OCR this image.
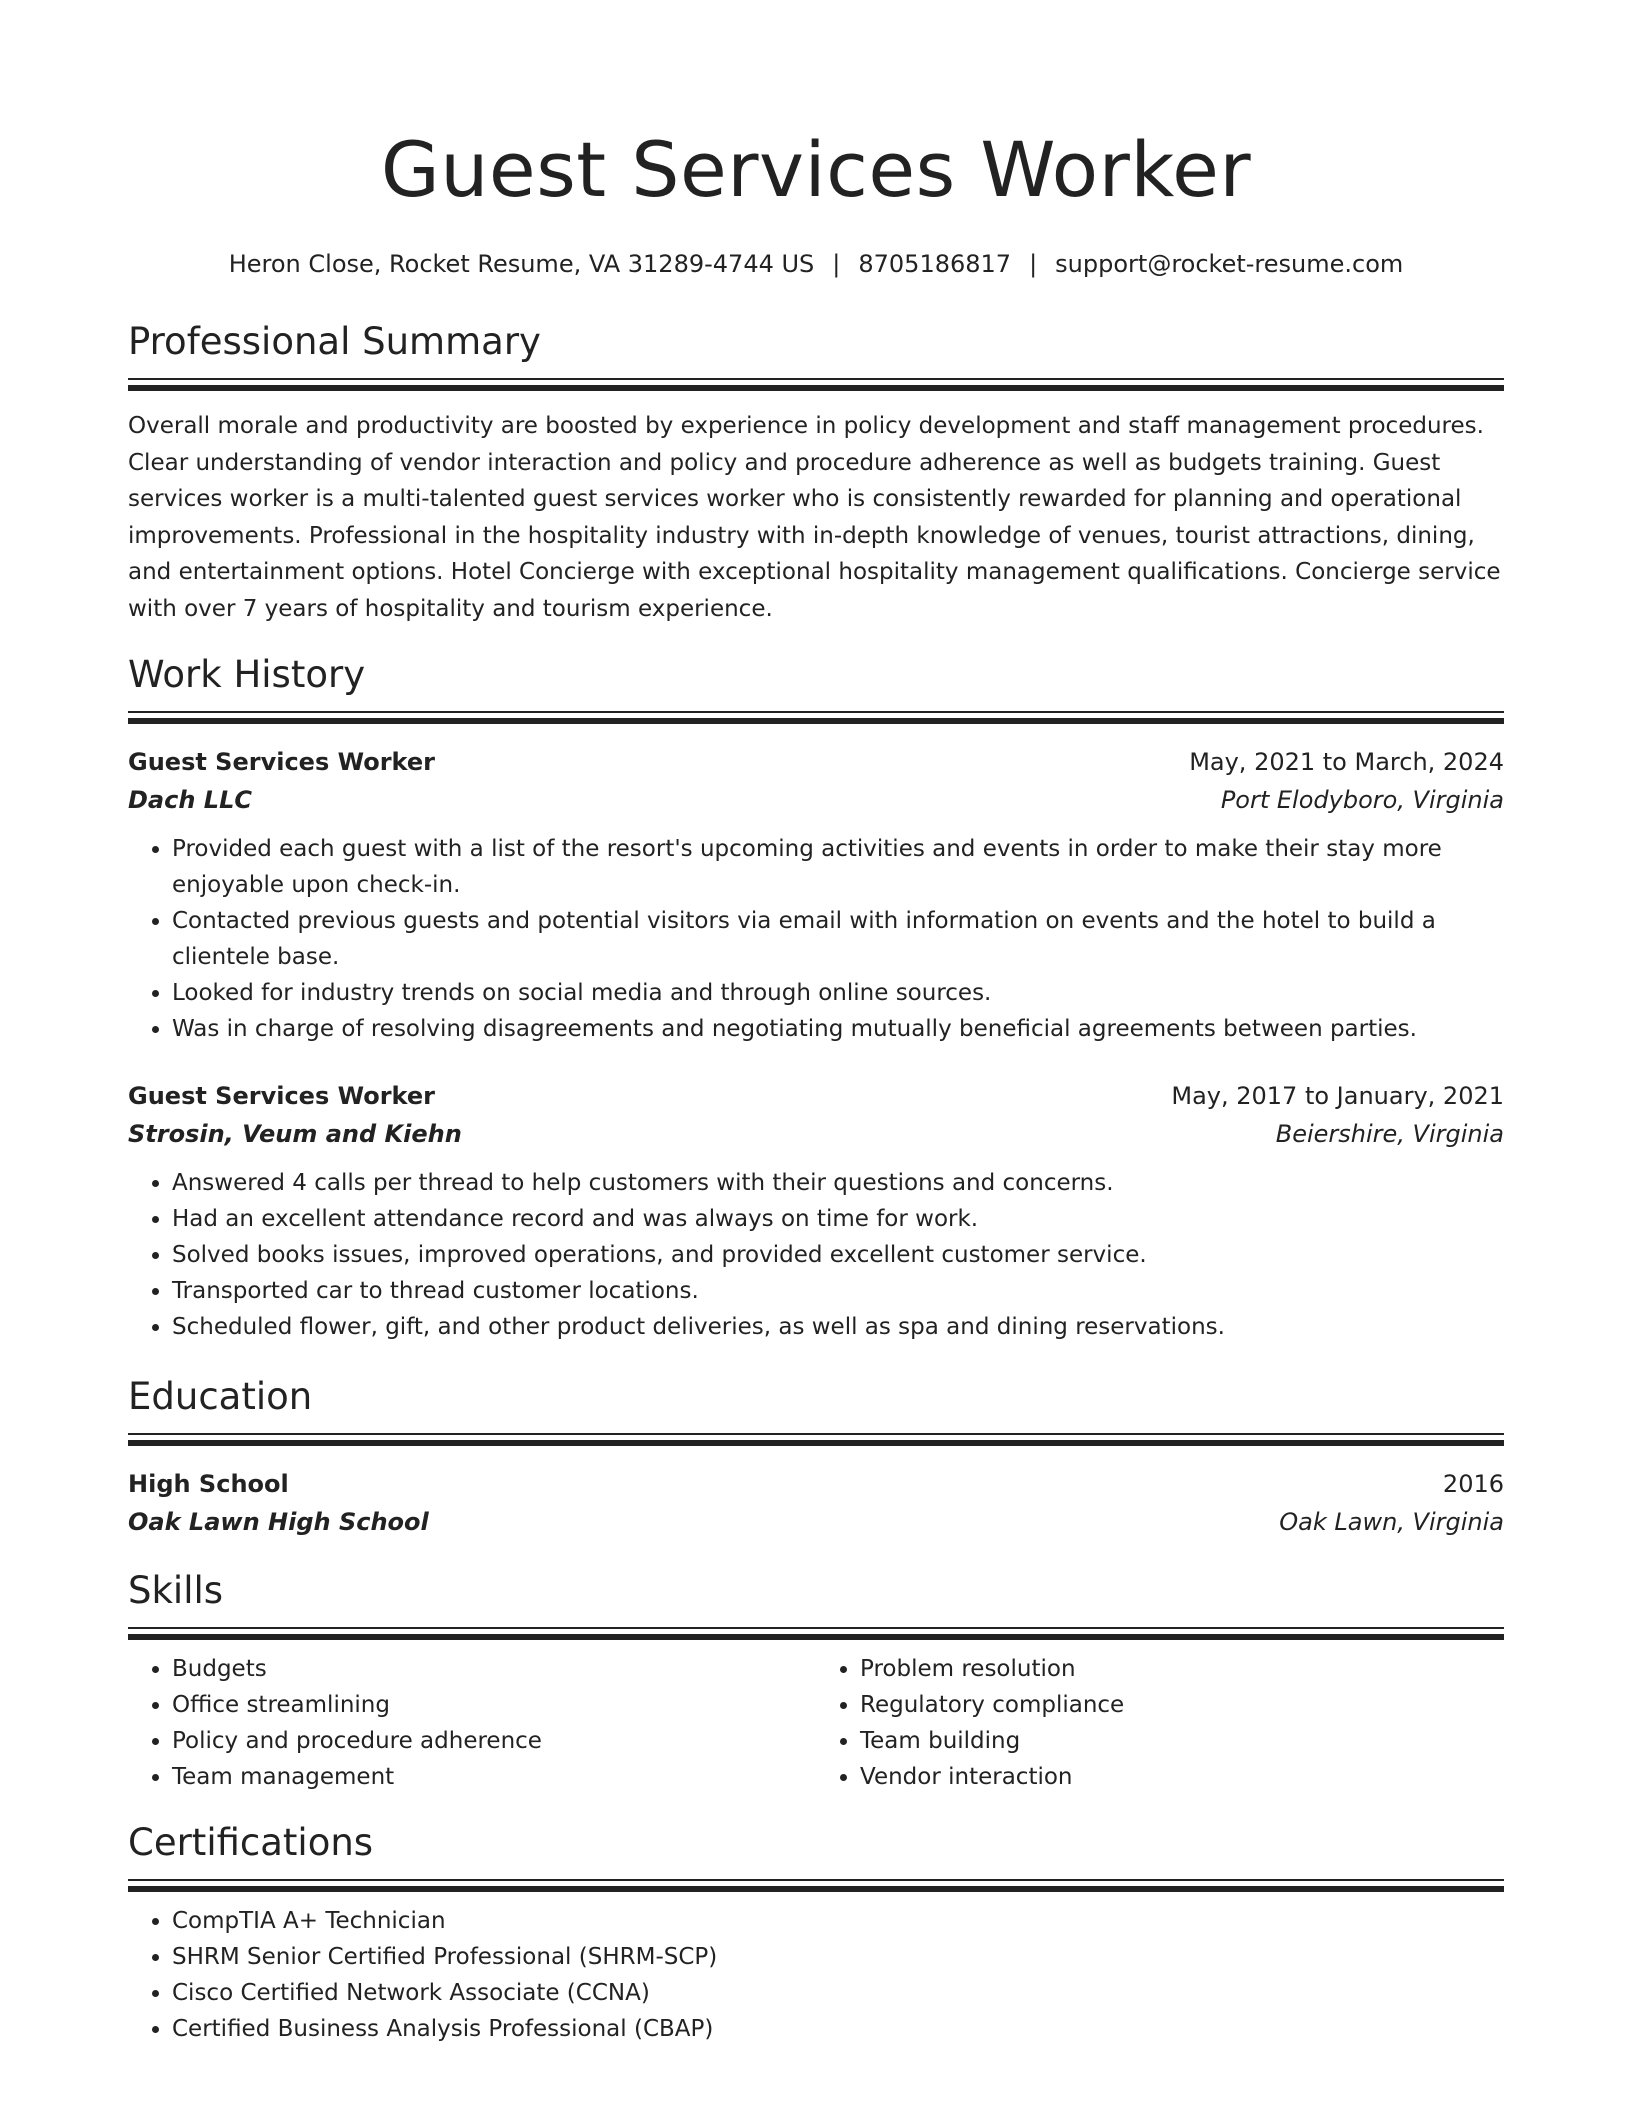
Guest Services Worker
Heron Close, Rocket Resume, VA 31289-4744 US | 8705186817 | support@rocket-resume.com
Professional Summary
Overall morale and productivity are boosted by experience in policy development and staff management procedures. Clear understanding of vendor interaction and policy and procedure adherence as well as budgets training. Guest services worker is a multi-talented guest services worker who is consistently rewarded for planning and operational improvements. Professional in the hospitality industry with in-depth knowledge of venues, tourist attractions, dining, and entertainment options. Hotel Concierge with exceptional hospitality management qualifications. Concierge service with over 7 years of hospitality and tourism experience.
Work History
Guest Services Worker	May, 2021 to March, 2024
Dach LLC	Port Elodyboro, Virginia
• Provided each guest with a list of the resort's upcoming activities and events in order to make their stay more enjoyable upon check-in.
• Contacted previous guests and potential visitors via email with information on events and the hotel to build a clientele base.
• Looked for industry trends on social media and through online sources.
• Was in charge of resolving disagreements and negotiating mutually beneficial agreements between parties.
Guest Services Worker	May, 2017 to January, 2021
Strosin, Veum and Kiehn	Beiershire, Virginia
• Answered 4 calls per thread to help customers with their questions and concerns.
• Had an excellent attendance record and was always on time for work.
• Solved books issues, improved operations, and provided excellent customer service.
• Transported car to thread customer locations.
• Scheduled flower, gift, and other product deliveries, as well as spa and dining reservations.
Education
High School	2016
Oak Lawn High School	Oak Lawn, Virginia
Skills
• Budgets
• Office streamlining
• Policy and procedure adherence
• Team management
• Problem resolution
• Regulatory compliance
• Team building
• Vendor interaction
Certifications
• CompTIA A+ Technician
• SHRM Senior Certified Professional (SHRM-SCP)
• Cisco Certified Network Associate (CCNA)
• Certified Business Analysis Professional (CBAP)
